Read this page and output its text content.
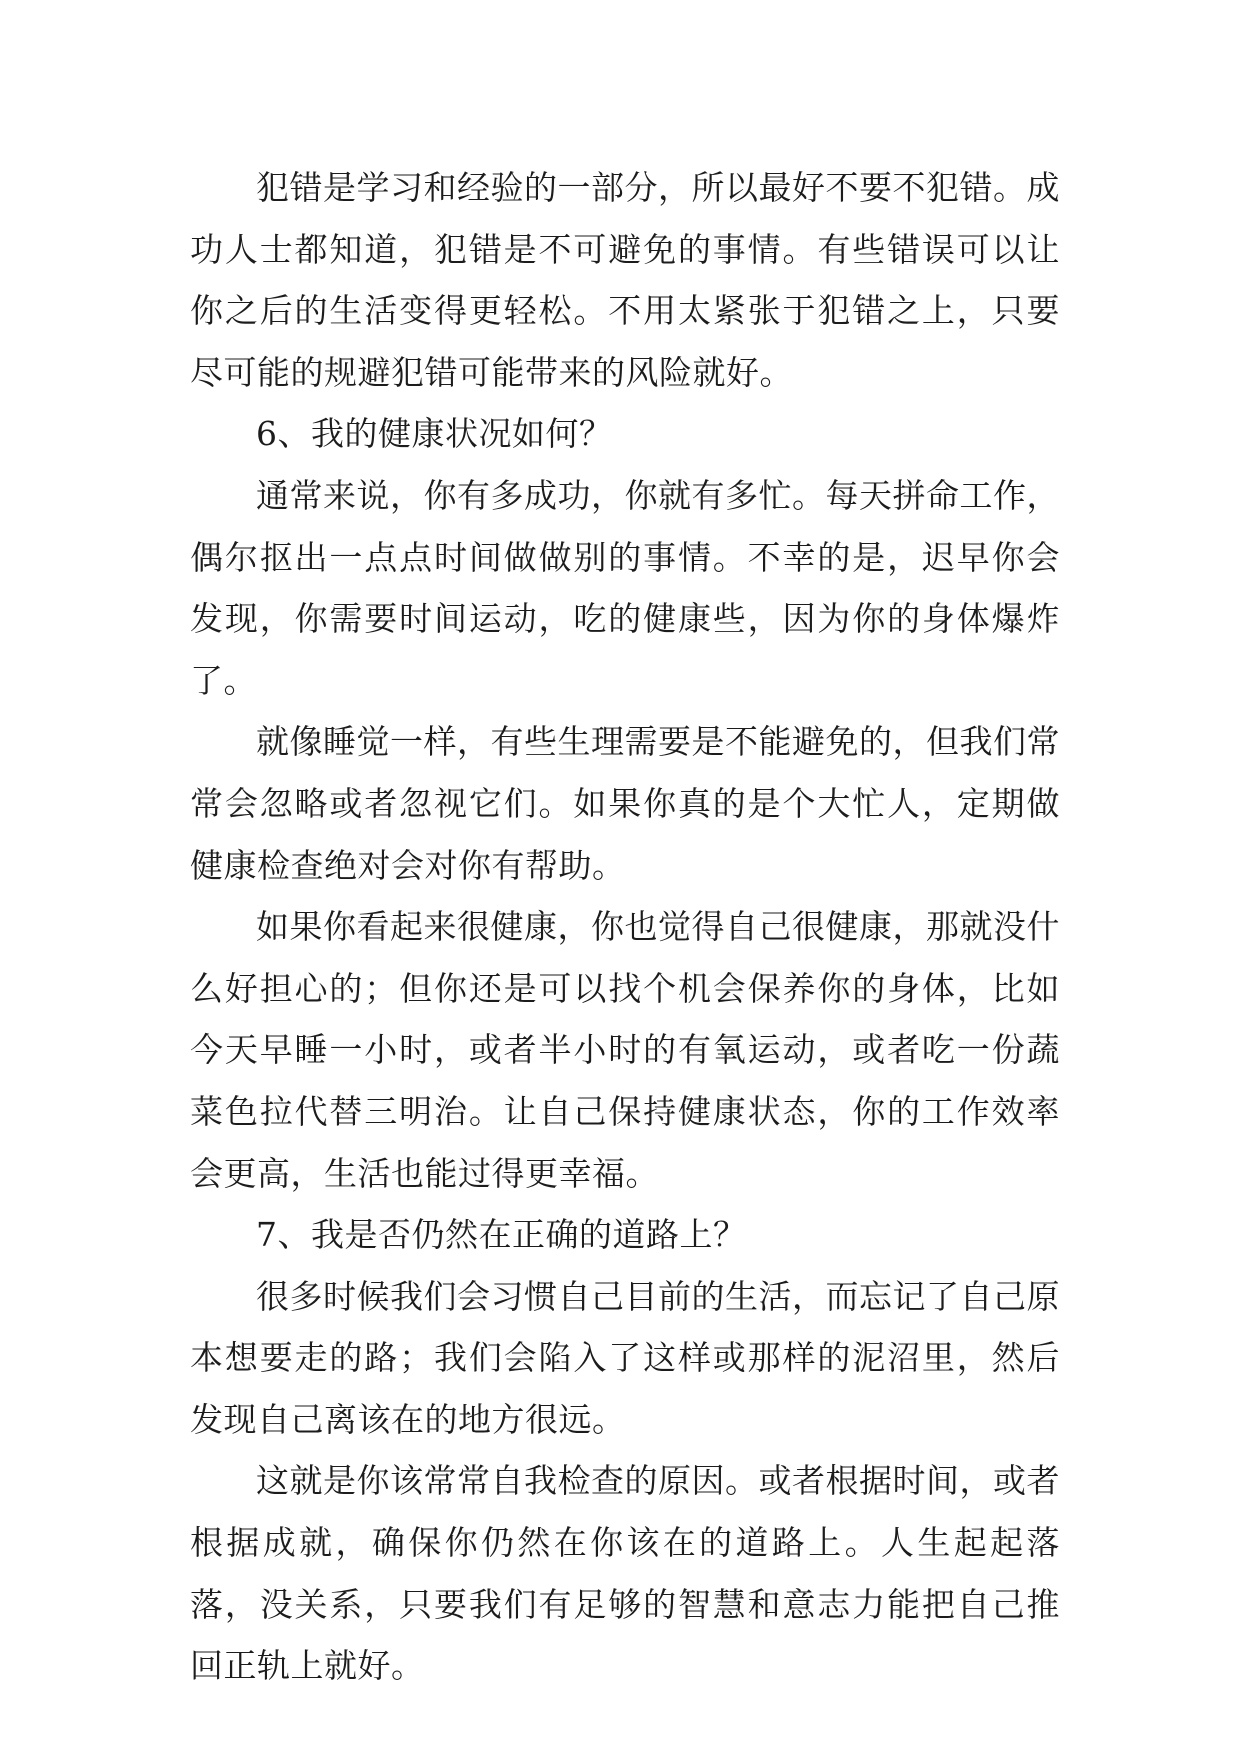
犯错是学习和经验的一部分，所以最好不要不犯错。成功人士都知道，犯错是不可避免的事情。有些错误可以让你之后的生活变得更轻松。不用太紧张于犯错之上，只要尽可能的规避犯错可能带来的风险就好。

6、我的健康状况如何？

通常来说，你有多成功，你就有多忙。每天拼命工作，偶尔抠出一点点时间做做别的事情。不幸的是，迟早你会发现，你需要时间运动，吃的健康些，因为你的身体爆炸了。

就像睡觉一样，有些生理需要是不能避免的，但我们常常会忽略或者忽视它们。如果你真的是个大忙人，定期做健康检查绝对会对你有帮助。

如果你看起来很健康，你也觉得自己很健康，那就没什么好担心的；但你还是可以找个机会保养你的身体，比如今天早睡一小时，或者半小时的有氧运动，或者吃一份蔬菜色拉代替三明治。让自己保持健康状态，你的工作效率会更高，生活也能过得更幸福。

7、我是否仍然在正确的道路上？

很多时候我们会习惯自己目前的生活，而忘记了自己原本想要走的路；我们会陷入了这样或那样的泥沼里，然后发现自己离该在的地方很远。

这就是你该常常自我检查的原因。或者根据时间，或者根据成就，确保你仍然在你该在的道路上。人生起起落落，没关系，只要我们有足够的智慧和意志力能把自己推回正轨上就好。
